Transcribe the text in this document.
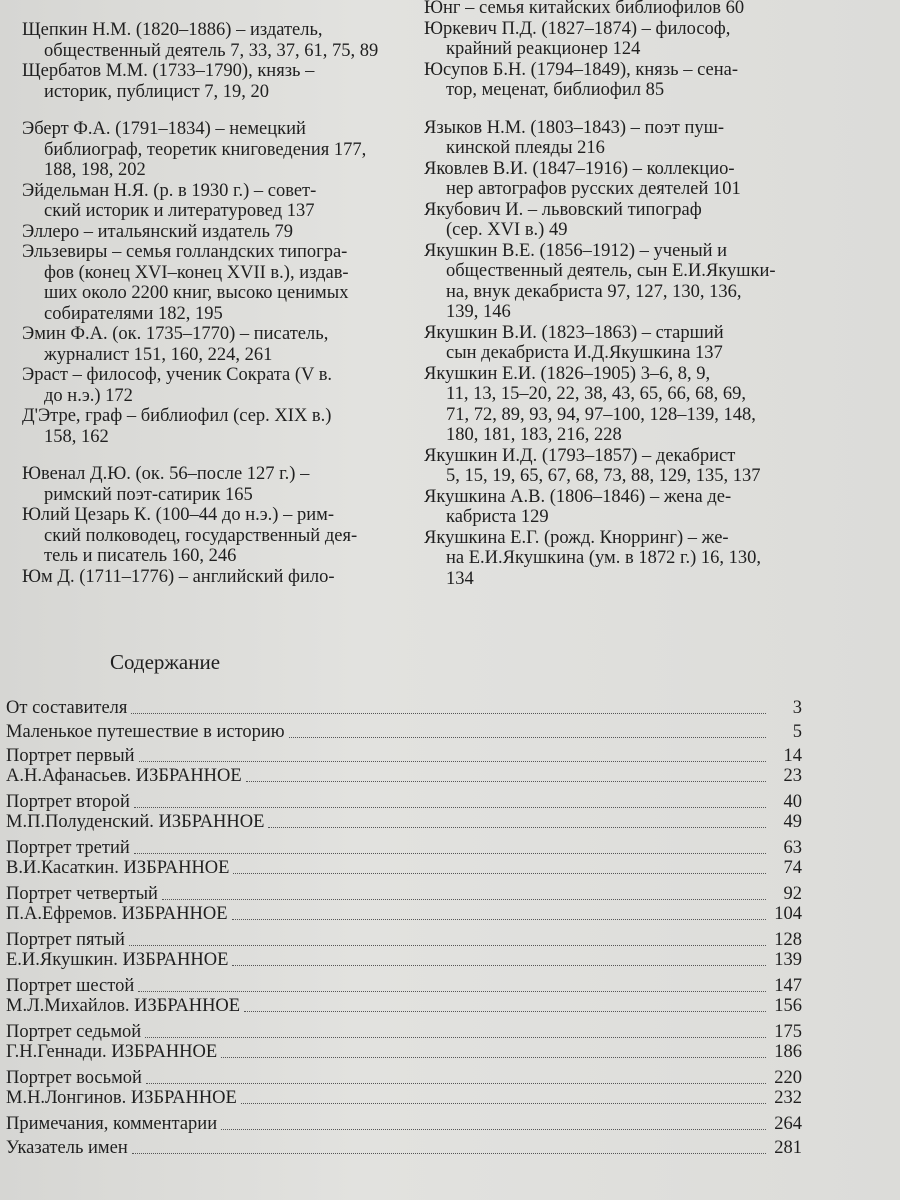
Щепкин Н.М. (1820–1886) – издатель,
общественный деятель 7, 33, 37, 61, 75, 89
Щербатов М.М. (1733–1790), князь –
историк, публицист 7, 19, 20
Эберт Ф.А. (1791–1834) – немецкий
библиограф, теоретик книговедения 177,
188, 198, 202
Эйдельман Н.Я. (р. в 1930 г.) – совет-
ский историк и литературовед 137
Эллеро – итальянский издатель 79
Эльзевиры – семья голландских типогра-
фов (конец XVI–конец XVII в.), издав-
ших около 2200 книг, высоко ценимых
собирателями 182, 195
Эмин Ф.А. (ок. 1735–1770) – писатель,
журналист 151, 160, 224, 261
Эраст – философ, ученик Сократа (V в.
до н.э.) 172
Д'Этре, граф – библиофил (сер. XIX в.)
158, 162
Ювенал Д.Ю. (ок. 56–после 127 г.) –
римский поэт-сатирик 165
Юлий Цезарь К. (100–44 до н.э.) – рим-
ский полководец, государственный дея-
тель и писатель 160, 246
Юм Д. (1711–1776) – английский фило-
Юнг – семья китайских библиофилов 60
Юркевич П.Д. (1827–1874) – философ,
крайний реакционер 124
Юсупов Б.Н. (1794–1849), князь – сена-
тор, меценат, библиофил 85
Языков Н.М. (1803–1843) – поэт пуш-
кинской плеяды 216
Яковлев В.И. (1847–1916) – коллекцио-
нер автографов русских деятелей 101
Якубович И. – львовский типограф
(сер. XVI в.) 49
Якушкин В.Е. (1856–1912) – ученый и
общественный деятель, сын Е.И.Якушки-
на, внук декабриста 97, 127, 130, 136,
139, 146
Якушкин В.И. (1823–1863) – старший
сын декабриста И.Д.Якушкина 137
Якушкин Е.И. (1826–1905) 3–6, 8, 9,
11, 13, 15–20, 22, 38, 43, 65, 66, 68, 69,
71, 72, 89, 93, 94, 97–100, 128–139, 148,
180, 181, 183, 216, 228
Якушкин И.Д. (1793–1857) – декабрист
5, 15, 19, 65, 67, 68, 73, 88, 129, 135, 137
Якушкина А.В. (1806–1846) – жена де-
кабриста 129
Якушкина Е.Г. (рожд. Кнорринг) – же-
на Е.И.Якушкина (ум. в 1872 г.) 16, 130,
134
Содержание
От составителя	3
Маленькое путешествие в историю	5
Портрет первый	14
А.Н.Афанасьев. ИЗБРАННОЕ	23
Портрет второй	40
М.П.Полуденский. ИЗБРАННОЕ	49
Портрет третий	63
В.И.Касаткин. ИЗБРАННОЕ	74
Портрет четвертый	92
П.А.Ефремов. ИЗБРАННОЕ	104
Портрет пятый	128
Е.И.Якушкин. ИЗБРАННОЕ	139
Портрет шестой	147
М.Л.Михайлов. ИЗБРАННОЕ	156
Портрет седьмой	175
Г.Н.Геннади. ИЗБРАННОЕ	186
Портрет восьмой	220
М.Н.Лонгинов. ИЗБРАННОЕ	232
Примечания, комментарии	264
Указатель имен	281
